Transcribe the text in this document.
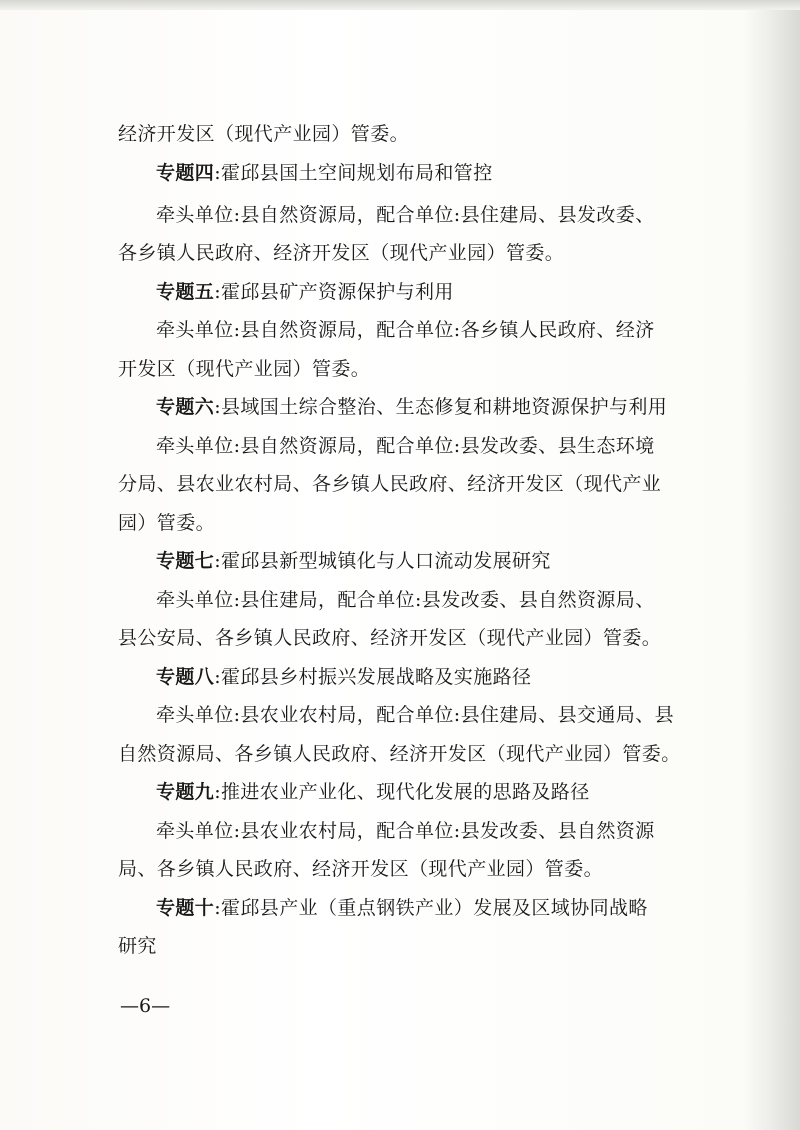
经济开发区（现代产业园）管委。
专题四:霍邱县国土空间规划布局和管控
牵头单位:县自然资源局，配合单位:县住建局、县发改委、
各乡镇人民政府、经济开发区（现代产业园）管委。
专题五:霍邱县矿产资源保护与利用
牵头单位:县自然资源局，配合单位:各乡镇人民政府、经济
开发区（现代产业园）管委。
专题六:县域国土综合整治、生态修复和耕地资源保护与利用
牵头单位:县自然资源局，配合单位:县发改委、县生态环境
分局、县农业农村局、各乡镇人民政府、经济开发区（现代产业
园）管委。
专题七:霍邱县新型城镇化与人口流动发展研究
牵头单位:县住建局，配合单位:县发改委、县自然资源局、
县公安局、各乡镇人民政府、经济开发区（现代产业园）管委。
专题八:霍邱县乡村振兴发展战略及实施路径
牵头单位:县农业农村局，配合单位:县住建局、县交通局、县
自然资源局、各乡镇人民政府、经济开发区（现代产业园）管委。
专题九:推进农业产业化、现代化发展的思路及路径
牵头单位:县农业农村局，配合单位:县发改委、县自然资源
局、各乡镇人民政府、经济开发区（现代产业园）管委。
专题十:霍邱县产业（重点钢铁产业）发展及区域协同战略
研究
—6—
